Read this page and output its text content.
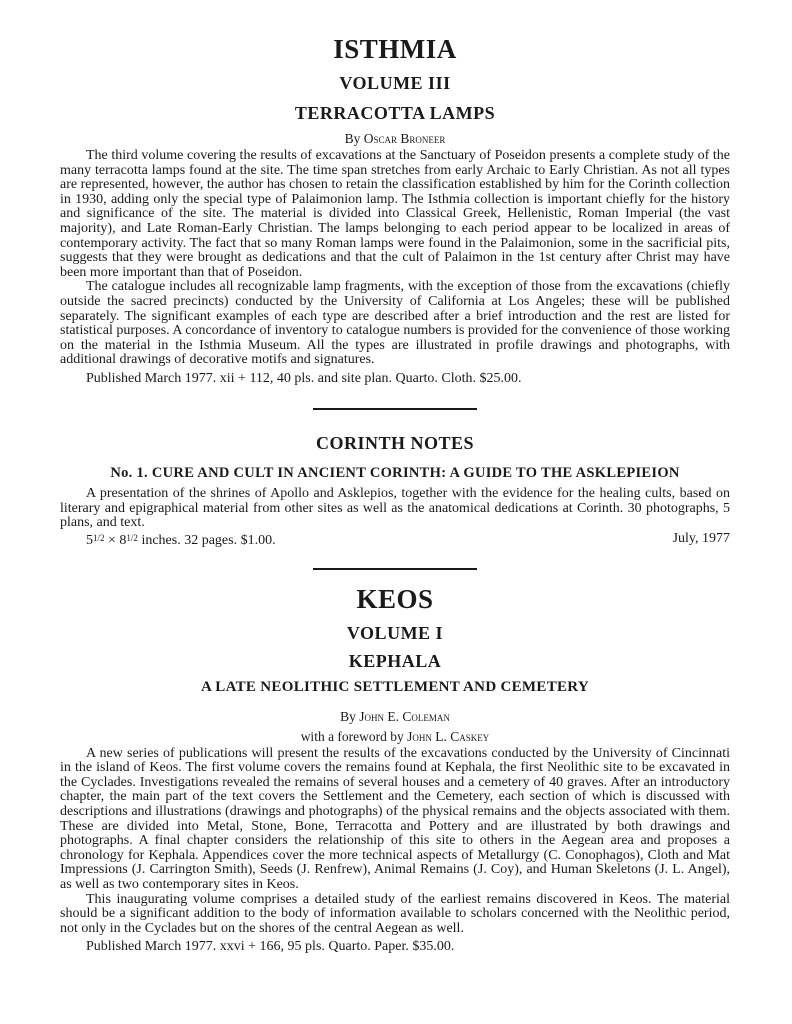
ISTHMIA
VOLUME III
TERRACOTTA LAMPS

By Oscar Broneer

The third volume covering the results of excavations at the Sanctuary of Poseidon presents a complete study of the many terracotta lamps found at the site. The time span stretches from early Archaic to Early Christian. As not all types are represented, however, the author has chosen to retain the classification established by him for the Corinth collection in 1930, adding only the special type of Palaimonion lamp. The Isthmia collection is important chiefly for the history and significance of the site. The material is divided into Classical Greek, Hellenistic, Roman Imperial (the vast majority), and Late Roman-Early Christian. The lamps belonging to each period appear to be localized in areas of contemporary activity. The fact that so many Roman lamps were found in the Palaimonion, some in the sacrificial pits, suggests that they were brought as dedications and that the cult of Palaimon in the 1st century after Christ may have been more important than that of Poseidon.

The catalogue includes all recognizable lamp fragments, with the exception of those from the excavations (chiefly outside the sacred precincts) conducted by the University of California at Los Angeles; these will be published separately. The significant examples of each type are described after a brief introduction and the rest are listed for statistical purposes. A concordance of inventory to catalogue numbers is provided for the convenience of those working on the material in the Isthmia Museum. All the types are illustrated in profile drawings and photographs, with additional drawings of decorative motifs and signatures.

Published March 1977. xii + 112, 40 pls. and site plan. Quarto. Cloth. $25.00.

CORINTH NOTES
No. 1. CURE AND CULT IN ANCIENT CORINTH: A GUIDE TO THE ASKLEPIEION

A presentation of the shrines of Apollo and Asklepios, together with the evidence for the healing cults, based on literary and epigraphical material from other sites as well as the anatomical dedications at Corinth. 30 photographs, 5 plans, and text.

$5^{1/2} \times 8^{1/2}$ inches. 32 pages. $1.00.	July, 1977
KEOS
VOLUME I
KEPHALA
A LATE NEOLITHIC SETTLEMENT AND CEMETERY

By John E. Coleman

with a foreword by John L. Caskey

A new series of publications will present the results of the excavations conducted by the University of Cincinnati in the island of Keos. The first volume covers the remains found at Kephala, the first Neolithic site to be excavated in the Cyclades. Investigations revealed the remains of several houses and a cemetery of 40 graves. After an introductory chapter, the main part of the text covers the Settlement and the Cemetery, each section of which is discussed with descriptions and illustrations (drawings and photographs) of the physical remains and the objects associated with them. These are divided into Metal, Stone, Bone, Terracotta and Pottery and are illustrated by both drawings and photographs. A final chapter considers the relationship of this site to others in the Aegean area and proposes a chronology for Kephala. Appendices cover the more technical aspects of Metallurgy (C. Conophagos), Cloth and Mat Impressions (J. Carrington Smith), Seeds (J. Renfrew), Animal Remains (J. Coy), and Human Skeletons (J. L. Angel), as well as two contemporary sites in Keos.

This inaugurating volume comprises a detailed study of the earliest remains discovered in Keos. The material should be a significant addition to the body of information available to scholars concerned with the Neolithic period, not only in the Cyclades but on the shores of the central Aegean as well.

Published March 1977. xxvi + 166, 95 pls. Quarto. Paper. $35.00.
